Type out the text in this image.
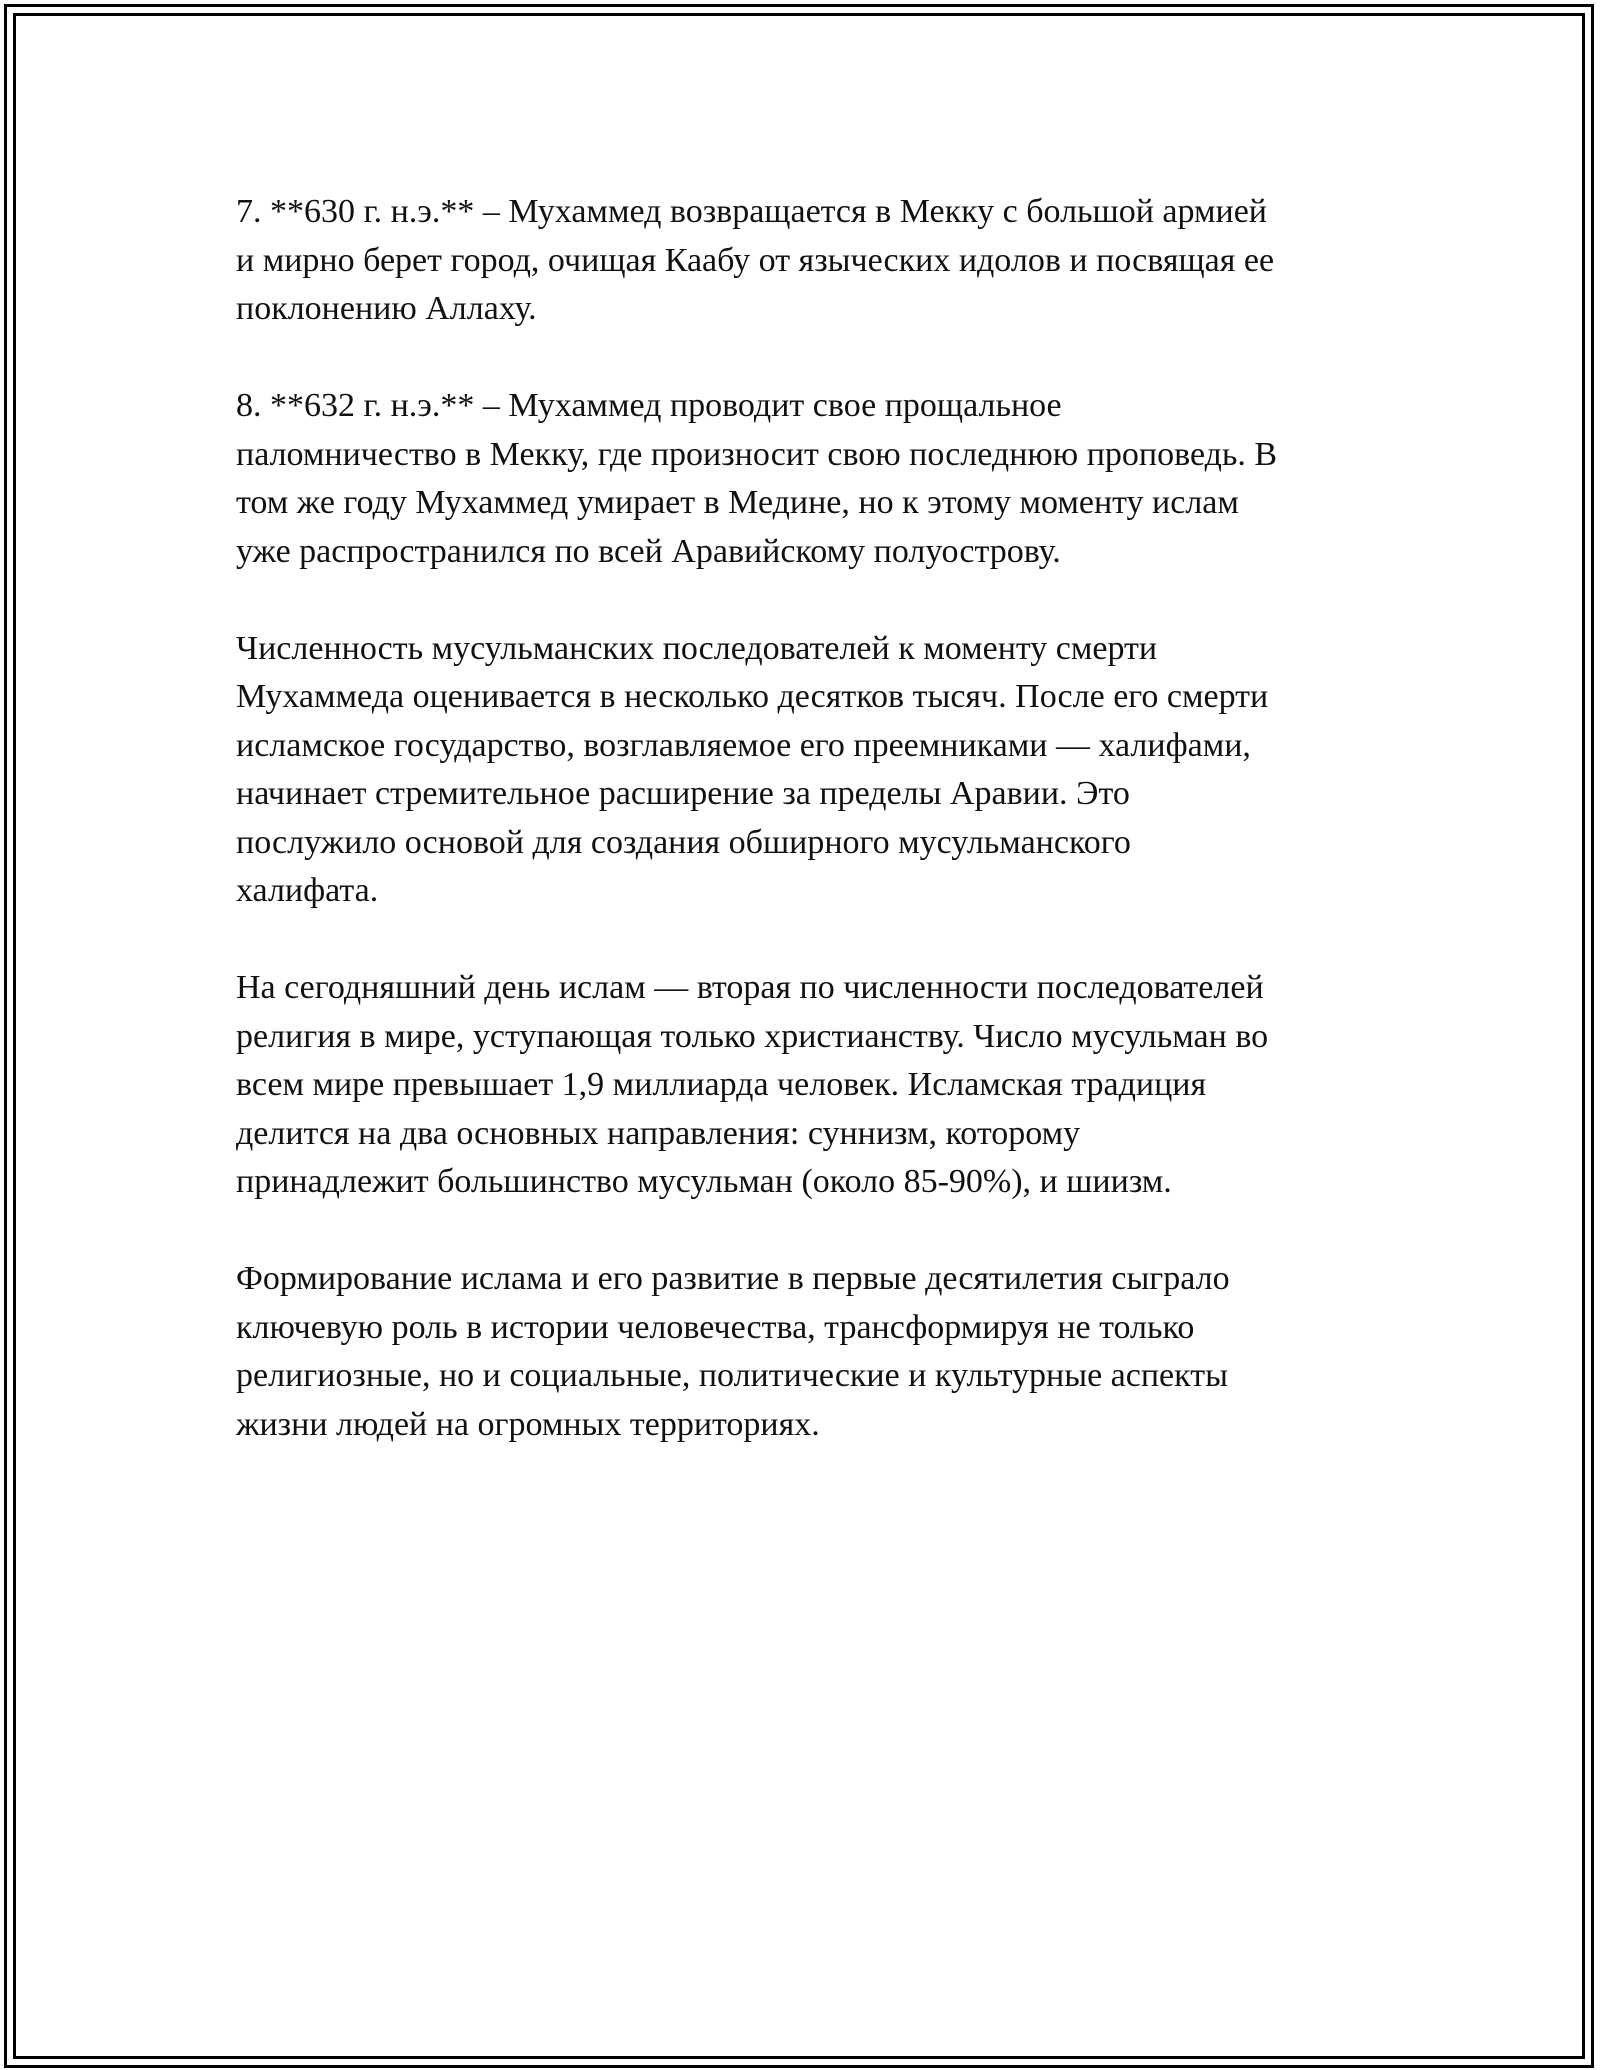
7. **630 г. н.э.** – Мухаммед возвращается в Мекку с большой армией
и мирно берет город, очищая Каабу от языческих идолов и посвящая ее
поклонению Аллаху.

8. **632 г. н.э.** – Мухаммед проводит свое прощальное
паломничество в Мекку, где произносит свою последнюю проповедь. В
том же году Мухаммед умирает в Медине, но к этому моменту ислам
уже распространился по всей Аравийскому полуострову.

Численность мусульманских последователей к моменту смерти
Мухаммеда оценивается в несколько десятков тысяч. После его смерти
исламское государство, возглавляемое его преемниками — халифами,
начинает стремительное расширение за пределы Аравии. Это
послужило основой для создания обширного мусульманского
халифата.

На сегодняшний день ислам — вторая по численности последователей
религия в мире, уступающая только христианству. Число мусульман во
всем мире превышает 1,9 миллиарда человек. Исламская традиция
делится на два основных направления: суннизм, которому
принадлежит большинство мусульман (около 85-90%), и шиизм.

Формирование ислама и его развитие в первые десятилетия сыграло
ключевую роль в истории человечества, трансформируя не только
религиозные, но и социальные, политические и культурные аспекты
жизни людей на огромных территориях.
